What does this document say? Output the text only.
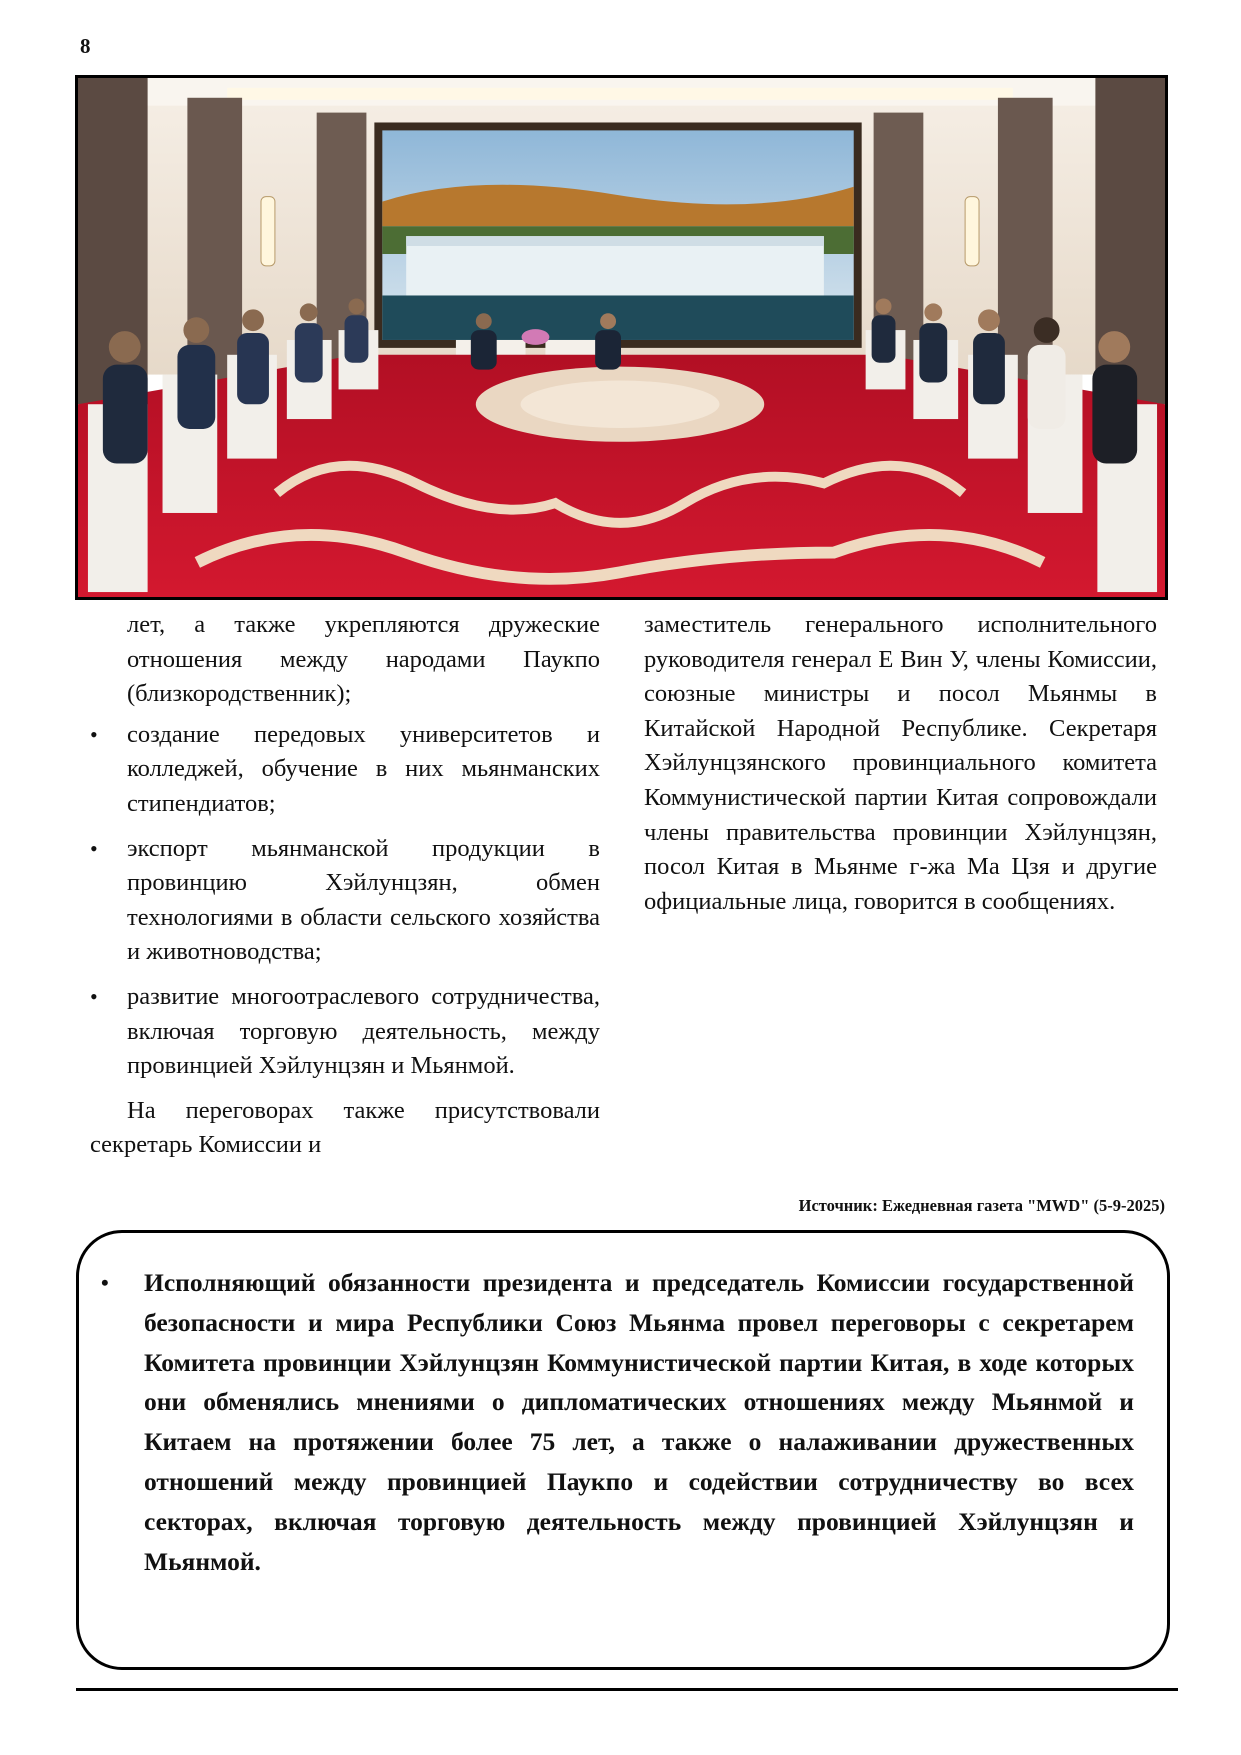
8

лет, а также укрепляются дружеские отношения между народами Паукпо (близкородственник);

• создание передовых университетов и колледжей, обучение в них мьянманских стипендиатов;
• экспорт мьянманской продукции в провинцию Хэйлунцзян, обмен технологиями в области сельского хозяйства и животноводства;
• развитие многоотраслевого сотрудничества, включая торговую деятельность, между провинцией Хэйлунцзян и Мьянмой.

На переговорах также присутствовали секретарь Комиссии и

заместитель генерального исполнительного руководителя генерал Е Вин У, члены Комиссии, союзные министры и посол Мьянмы в Китайской Народной Республике. Секретаря Хэйлунцзянского провинциального комитета Коммунистической партии Китая сопровождали члены правительства провинции Хэйлунцзян, посол Китая в Мьянме г-жа Ма Цзя и другие официальные лица, говорится в сообщениях.

Источник: Ежедневная газета "MWD" (5-9-2025)
• Исполняющий обязанности президента и председатель Комиссии государственной безопасности и мира Республики Союз Мьянма провел переговоры с секретарем Комитета провинции Хэйлунцзян Коммунистической партии Китая, в ходе которых они обменялись мнениями о дипломатических отношениях между Мьянмой и Китаем на протяжении более 75 лет, а также о налаживании дружественных отношений между провинцией Паукпо и содействии сотрудничеству во всех секторах, включая торговую деятельность между провинцией Хэйлунцзян и Мьянмой.
